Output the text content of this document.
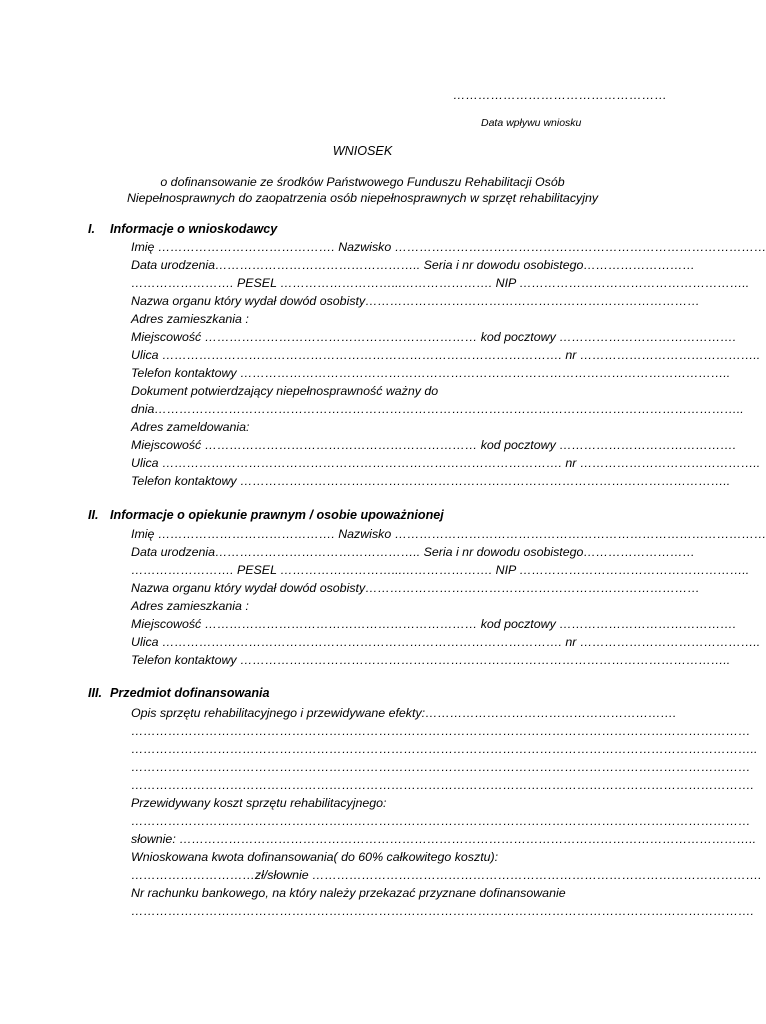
……………………………………………
Data wpływu wniosku
WNIOSEK
o dofinansowanie ze środków Państwowego Funduszu Rehabilitacji Osób
Niepełnosprawnych do zaopatrzenia osób niepełnosprawnych w sprzęt rehabilitacyjny
I. Informacje o wnioskodawcy
Imię ……………………………………. Nazwisko ………………………………………………………………………………
Data urodzenia………………………………………….. Seria i nr dowodu osobistego………………………
……………………. PESEL ………………………...…………………. NIP ………………………………………………..
Nazwa organu który wydał dowód osobisty………………………………………………………………………
Adres zamieszkania :
Miejscowość ………………………………………………………… kod pocztowy …………………………………….
Ulica ……………………………………………………………………………………. nr ……………………………………..
Telefon kontaktowy ………………………………………………………………………………………………………..
Dokument potwierdzający niepełnosprawność ważny do
dnia……………………………………………………………………………………………………………………………..
Adres zameldowania:
Miejscowość ………………………………………………………… kod pocztowy …………………………………….
Ulica ……………………………………………………………………………………. nr ……………………………………..
Telefon kontaktowy ………………………………………………………………………………………………………..
II. Informacje o opiekunie prawnym / osobie upoważnionej
Imię ……………………………………. Nazwisko ………………………………………………………………………………
Data urodzenia………………………………………….. Seria i nr dowodu osobistego………………………
……………………. PESEL ………………………...…………………. NIP ………………………………………………..
Nazwa organu który wydał dowód osobisty………………………………………………………………………
Adres zamieszkania :
Miejscowość ………………………………………………………… kod pocztowy …………………………………….
Ulica ……………………………………………………………………………………. nr ……………………………………..
Telefon kontaktowy ………………………………………………………………………………………………………..
III. Przedmiot dofinansowania
Opis sprzętu rehabilitacyjnego i przewidywane efekty:…………………………………………………….
……………………………………………………………………………………………………………………………………
……………………………………………………………………………………………………………………………………..
……………………………………………………………………………………………………………………………………
…………………………………………………………………………………………………………………………………….
Przewidywany koszt sprzętu rehabilitacyjnego:
……………………………………………………………………………………………………………………………………
słownie: …………………………………………………………………………………………………………………………..
Wnioskowana kwota dofinansowania( do 60% całkowitego kosztu):
…………………………zł/słownie ……………………………………………………………………………………………….
Nr rachunku bankowego, na który należy przekazać przyznane dofinansowanie
…………………………………………………………………………………………………………………………………….
